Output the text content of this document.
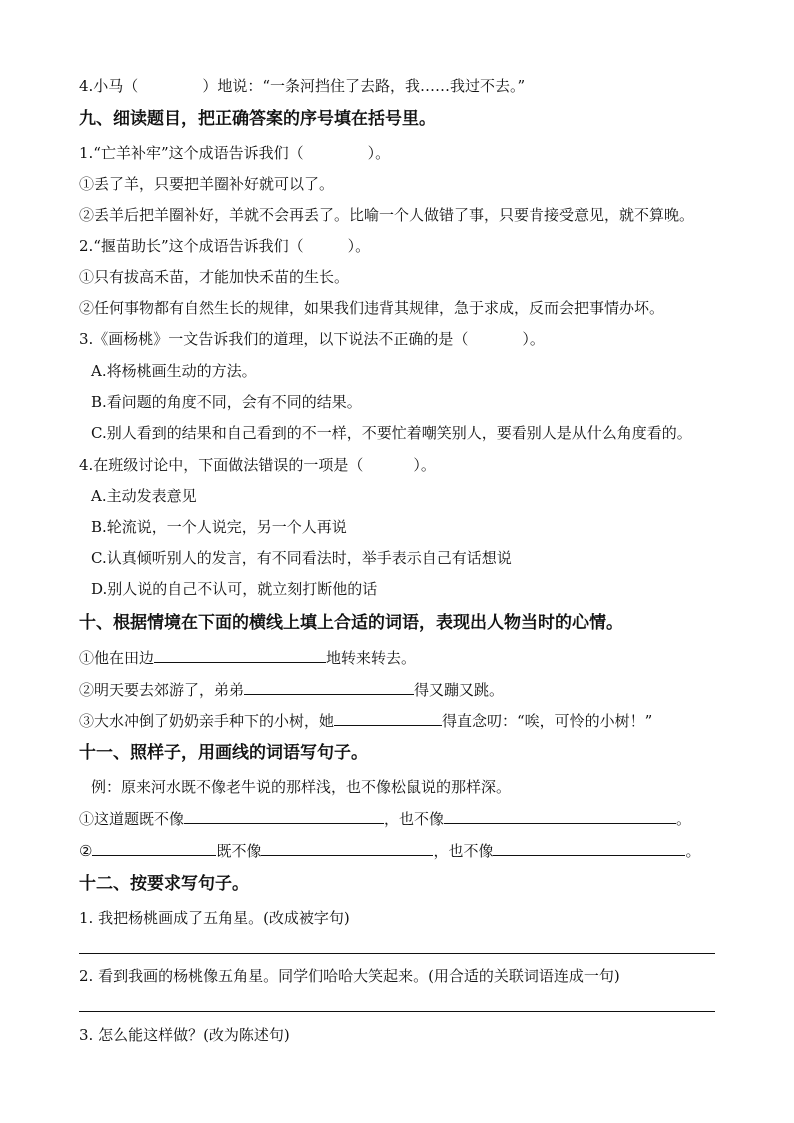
4.小马（	）地说：“一条河挡住了去路，我……我过不去。”
九、细读题目，把正确答案的序号填在括号里。
1.“亡羊补牢”这个成语告诉我们（	）。
①丢了羊，只要把羊圈补好就可以了。
②丢羊后把羊圈补好，羊就不会再丢了。比喻一个人做错了事，只要肯接受意见，就不算晚。
2.“揠苗助长”这个成语告诉我们（	）。
①只有拔高禾苗，才能加快禾苗的生长。
②任何事物都有自然生长的规律，如果我们违背其规律，急于求成，反而会把事情办坏。
3.《画杨桃》一文告诉我们的道理，以下说法不正确的是（	）。
A.将杨桃画生动的方法。
B.看问题的角度不同，会有不同的结果。
C.别人看到的结果和自己看到的不一样，不要忙着嘲笑别人，要看别人是从什么角度看的。
4.在班级讨论中，下面做法错误的一项是（	）。
A.主动发表意见
B.轮流说，一个人说完，另一个人再说
C.认真倾听别人的发言，有不同看法时，举手表示自己有话想说
D.别人说的自己不认可，就立刻打断他的话
十、根据情境在下面的横线上填上合适的词语，表现出人物当时的心情。
①他在田边	地转来转去。
②明天要去郊游了，弟弟	得又蹦又跳。
③大水冲倒了奶奶亲手种下的小树，她	得直念叨：“唉，可怜的小树！”
十一、照样子，用画线的词语写句子。
例：原来河水既不像老牛说的那样浅，也不像松鼠说的那样深。
①这道题既不像	，也不像	。
②	既不像	，也不像	。
十二、按要求写句子。
1. 我把杨桃画成了五角星。(改成被字句)
2. 看到我画的杨桃像五角星。同学们哈哈大笑起来。(用合适的关联词语连成一句)
3. 怎么能这样做？(改为陈述句)
